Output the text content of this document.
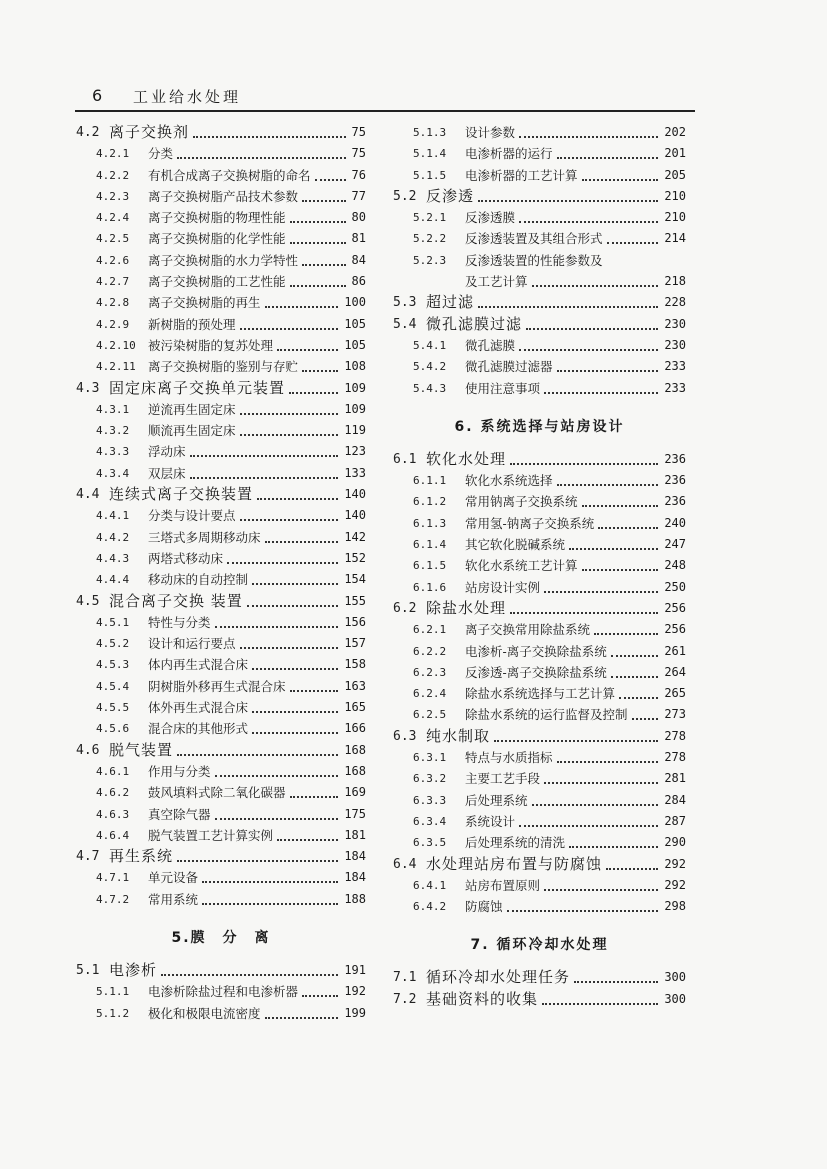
6 工业给水处理
4.2 离子交换剂	75
4.2.1 分类	75
4.2.2 有机合成离子交换树脂的命名	76
4.2.3 离子交换树脂产品技术参数	77
4.2.4 离子交换树脂的物理性能	80
4.2.5 离子交换树脂的化学性能	81
4.2.6 离子交换树脂的水力学特性	84
4.2.7 离子交换树脂的工艺性能	86
4.2.8 离子交换树脂的再生	100
4.2.9 新树脂的预处理	105
4.2.10 被污染树脂的复苏处理	105
4.2.11 离子交换树脂的鉴别与存贮	108
4.3 固定床离子交换单元装置	109
4.3.1 逆流再生固定床	109
4.3.2 顺流再生固定床	119
4.3.3 浮动床	123
4.3.4 双层床	133
4.4 连续式离子交换装置	140
4.4.1 分类与设计要点	140
4.4.2 三塔式多周期移动床	142
4.4.3 两塔式移动床	152
4.4.4 移动床的自动控制	154
4.5 混合离子交换 装置	155
4.5.1 特性与分类	156
4.5.2 设计和运行要点	157
4.5.3 体内再生式混合床	158
4.5.4 阴树脂外移再生式混合床	163
4.5.5 体外再生式混合床	165
4.5.6 混合床的其他形式	166
4.6 脱气装置	168
4.6.1 作用与分类	168
4.6.2 鼓风填料式除二氧化碳器	169
4.6.3 真空除气器	175
4.6.4 脱气装置工艺计算实例	181
4.7 再生系统	184
4.7.1 单元设备	184
4.7.2 常用系统	188
5.膜　分　离
5.1 电渗析	191
5.1.1 电渗析除盐过程和电渗析器	192
5.1.2 极化和极限电流密度	199
5.1.3 设计参数	202
5.1.4 电渗析器的运行	201
5.1.5 电渗析器的工艺计算	205
5.2 反渗透	210
5.2.1 反渗透膜	210
5.2.2 反渗透装置及其组合形式	214
5.2.3 反渗透装置的性能参数及
及工艺计算	218
5.3 超过滤	228
5.4 微孔滤膜过滤	230
5.4.1 微孔滤膜	230
5.4.2 微孔滤膜过滤器	233
5.4.3 使用注意事项	233
6. 系统选择与站房设计
6.1 软化水处理	236
6.1.1 软化水系统选择	236
6.1.2 常用钠离子交换系统	236
6.1.3 常用氢-钠离子交换系统	240
6.1.4 其它软化脱碱系统	247
6.1.5 软化水系统工艺计算	248
6.1.6 站房设计实例	250
6.2 除盐水处理	256
6.2.1 离子交换常用除盐系统	256
6.2.2 电渗析-离子交换除盐系统	261
6.2.3 反渗透-离子交换除盐系统	264
6.2.4 除盐水系统选择与工艺计算	265
6.2.5 除盐水系统的运行监督及控制	273
6.3 纯水制取	278
6.3.1 特点与水质指标	278
6.3.2 主要工艺手段	281
6.3.3 后处理系统	284
6.3.4 系统设计	287
6.3.5 后处理系统的清洗	290
6.4 水处理站房布置与防腐蚀	292
6.4.1 站房布置原则	292
6.4.2 防腐蚀	298
7. 循环冷却水处理
7.1 循环冷却水处理任务	300
7.2 基础资料的收集	300
